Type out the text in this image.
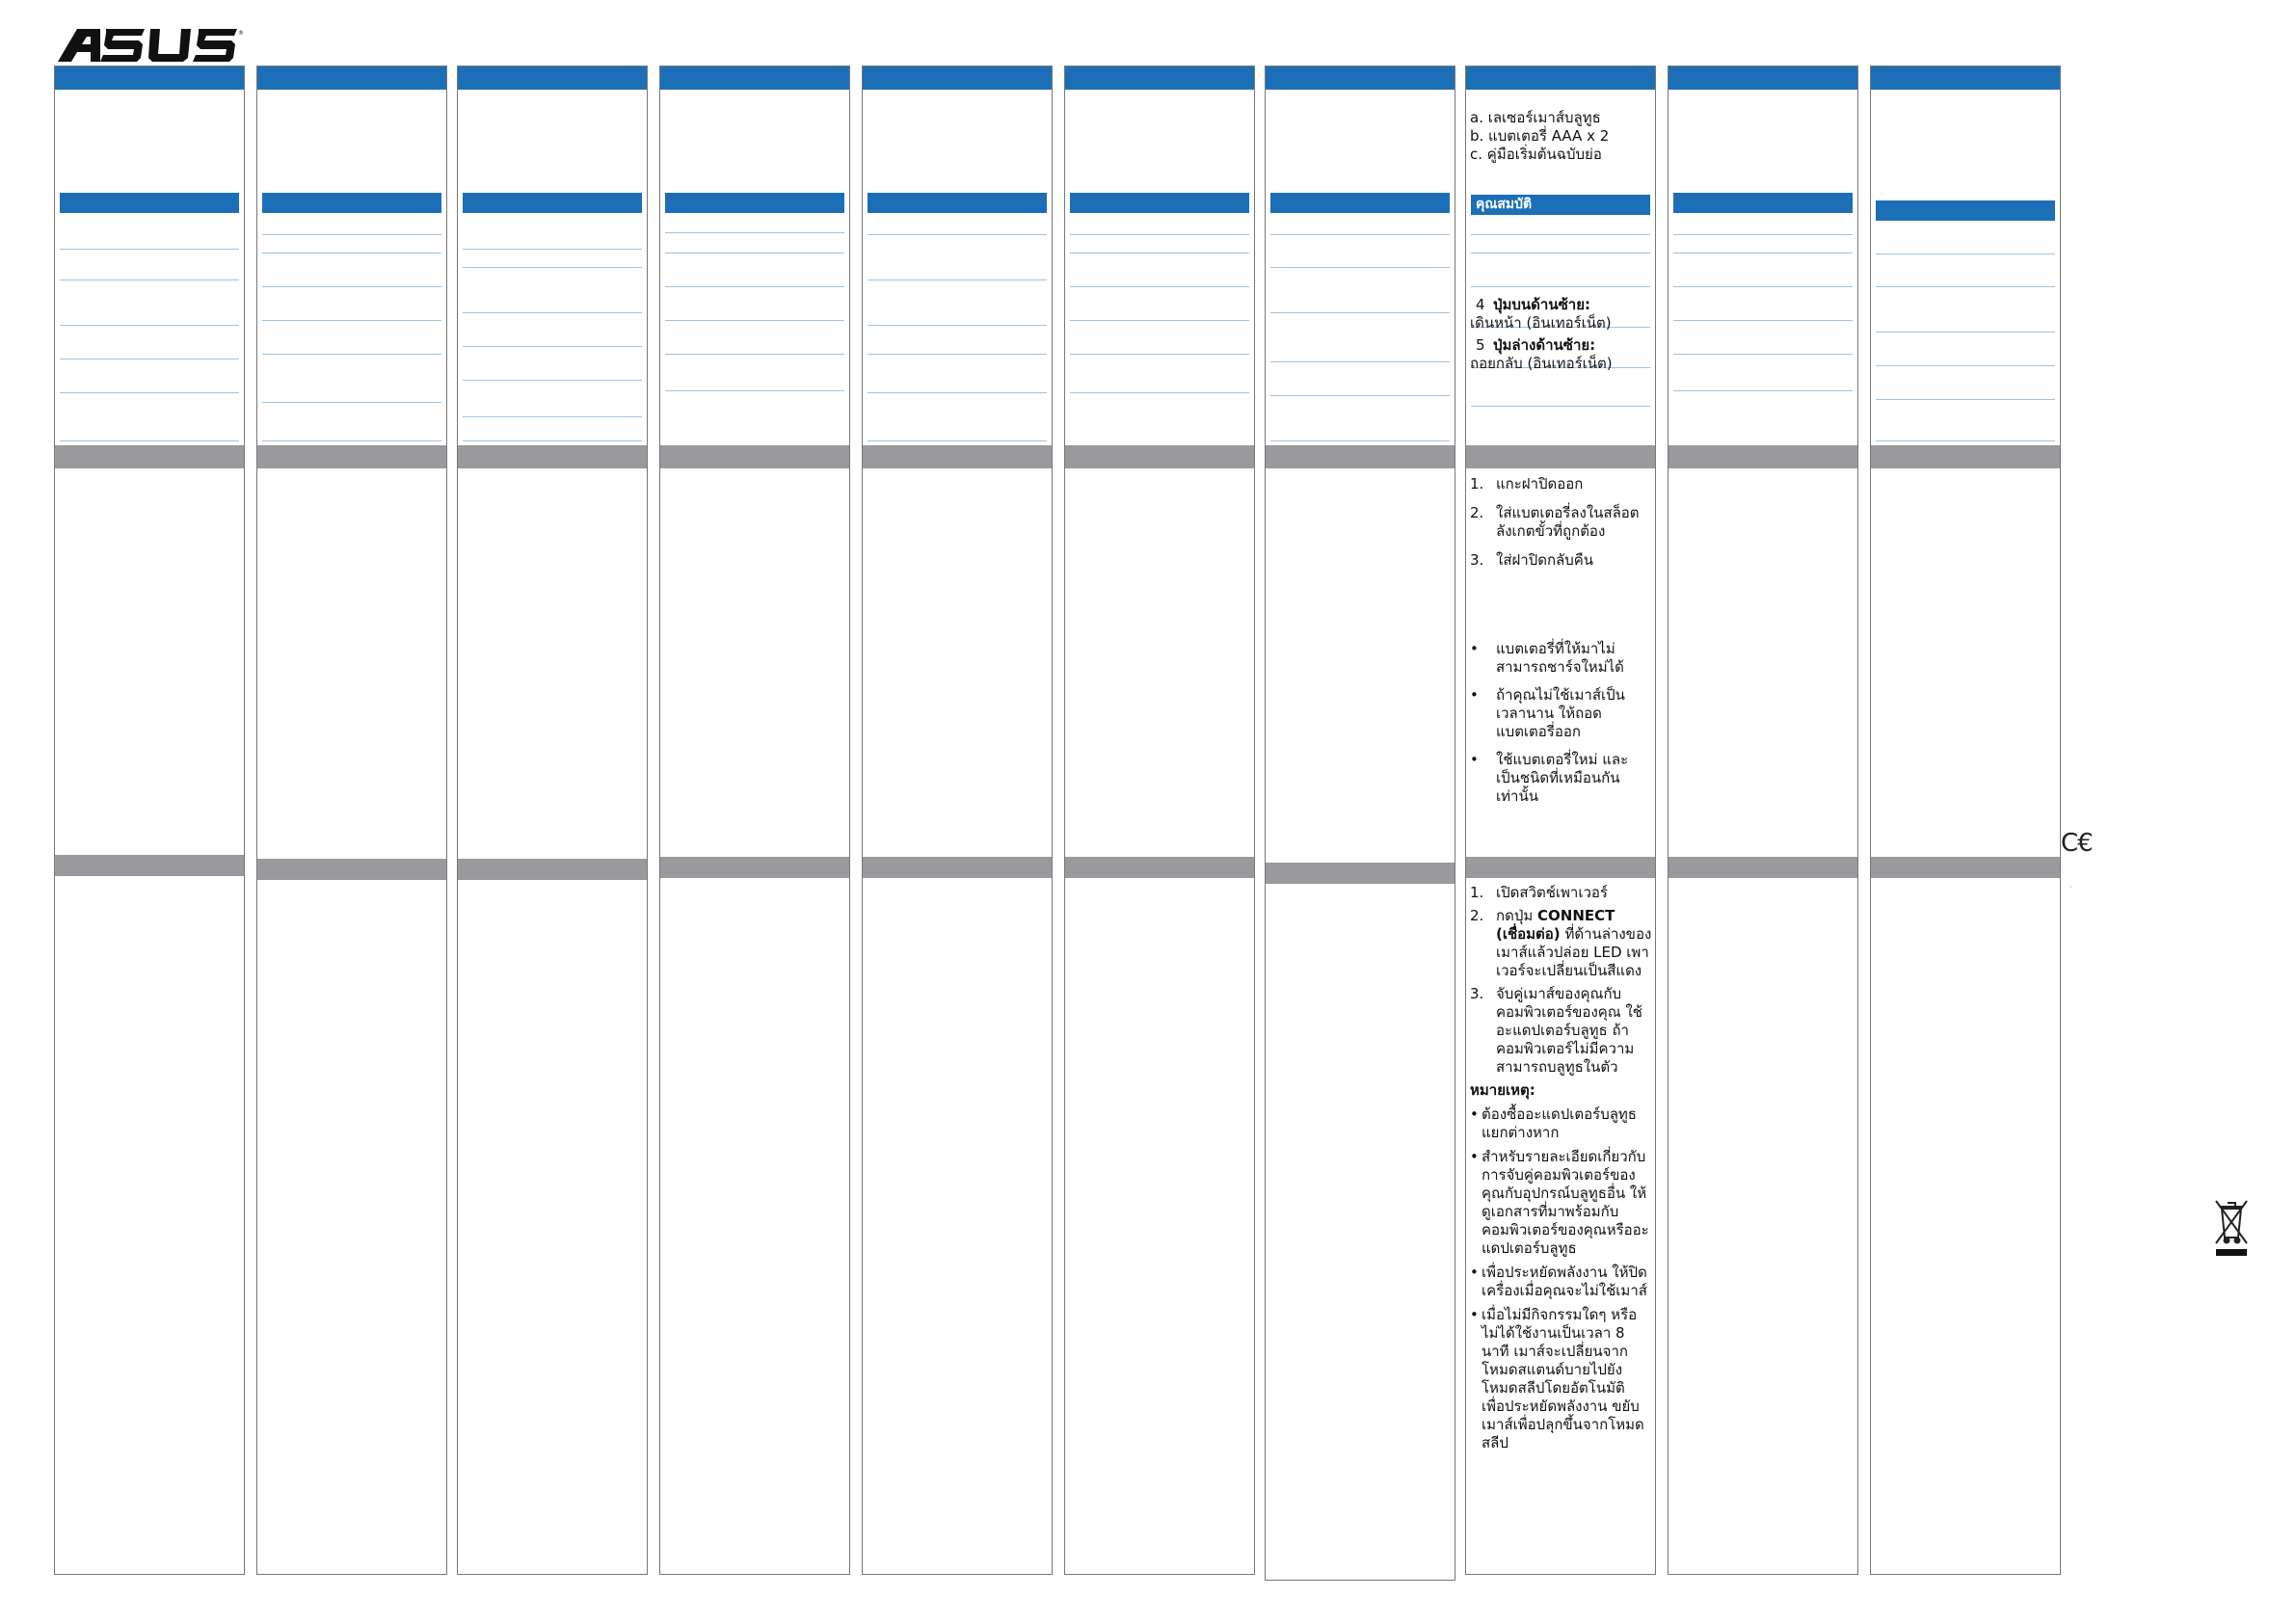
®

a. เลเซอร์เมาส์บลูทูธ

b. แบตเตอรี่ AAA x 2

c. คู่มือเริ่มต้นฉบับย่อ

คุณสมบัติ
4 ปุ่มบนด้านซ้าย:
เดินหน้า (อินเทอร์เน็ต)
5 ปุ่มล่างด้านซ้าย:
ถอยกลับ (อินเทอร์เน็ต)
1. แกะฝาปิดออก
2. ใส่แบตเตอรี่ลงในสล็อต ลังเกตขั้วที่ถูกต้อง
3. ใส่ฝาปิดกลับคืน
•	แบตเตอรี่ที่ให้มาไม่สามารถชาร์จใหม่ได้
•	ถ้าคุณไม่ใช้เมาส์เป็นเวลานาน ให้ถอดแบตเตอรี่ออก
•	ใช้แบตเตอรี่ใหม่ และเป็นชนิดที่เหมือนกันเท่านั้น
1. เปิดสวิตช์เพาเวอร์
2. กดปุ่ม CONNECT (เชื่อมต่อ) ที่ด้านล่างของเมาส์แล้วปล่อย LED เพาเวอร์จะเปลี่ยนเป็นสีแดง
3. จับคู่เมาส์ของคุณกับคอมพิวเตอร์ของคุณ ใช้อะแดปเตอร์บลูทูธ ถ้าคอมพิวเตอร์ไม่มีความสามารถบลูทูธในตัว
หมายเหตุ:
• ต้องซื้ออะแดปเตอร์บลูทูธแยกต่างหาก
• สำหรับรายละเอียดเกี่ยวกับการจับคู่คอมพิวเตอร์ของคุณกับอุปกรณ์บลูทูธอื่น ให้ดูเอกสารที่มาพร้อมกับคอมพิวเตอร์ของคุณหรืออะแดปเตอร์บลูทูธ
• เพื่อประหยัดพลังงาน ให้ปิดเครื่องเมื่อคุณจะไม่ใช้เมาส์
• เมื่อไม่มีกิจกรรมใดๆ หรือไม่ได้ใช้งานเป็นเวลา 8 นาที เมาส์จะเปลี่ยนจากโหมดสแตนด์บายไปยังโหมดสลีปโดยอัตโนมัติ เพื่อประหยัดพลังงาน ขยับเมาส์เพื่อปลุกขึ้นจากโหมดสลีป
C€
·
